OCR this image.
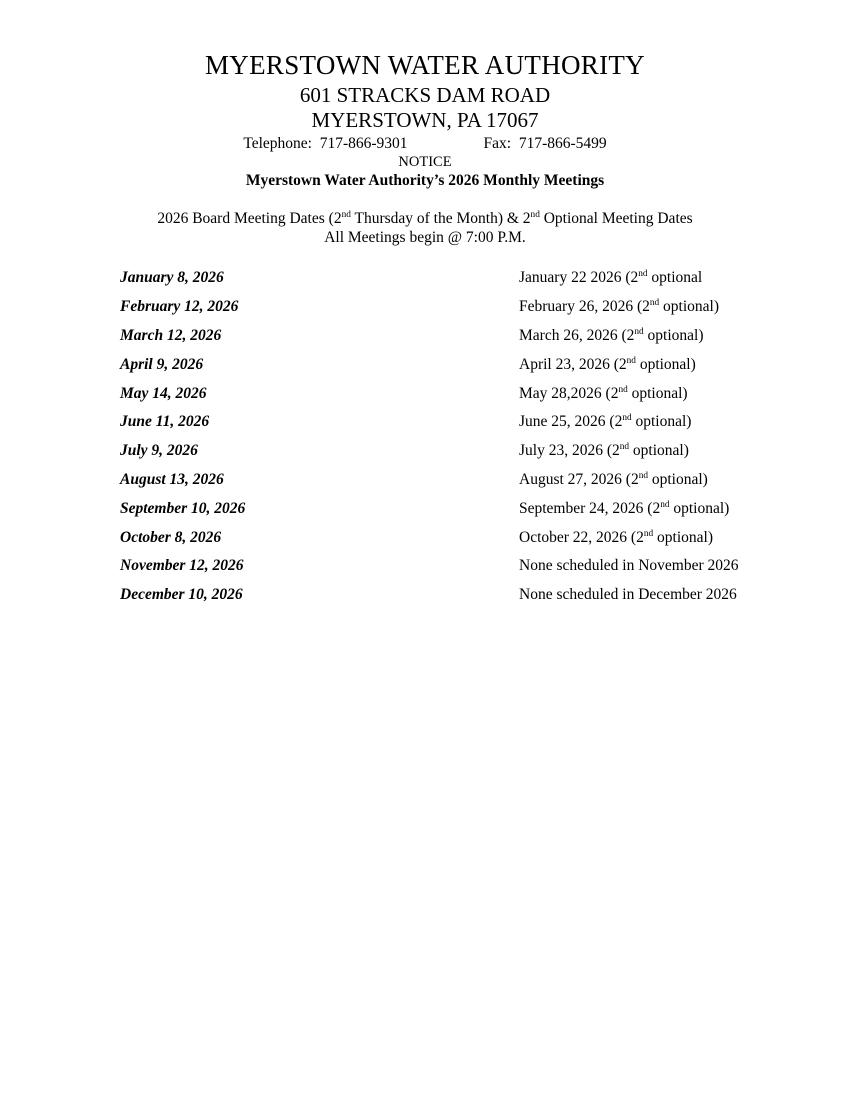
MYERSTOWN WATER AUTHORITY
601 STRACKS DAM ROAD
MYERSTOWN, PA 17067
Telephone:  717-866-9301	Fax:  717-866-5499
NOTICE
Myerstown Water Authority’s 2026 Monthly Meetings
2026 Board Meeting Dates (2nd Thursday of the Month) & 2nd Optional Meeting Dates
All Meetings begin @ 7:00 P.M.
January 8, 2026	January 22 2026 (2nd optional
February 12, 2026	February 26, 2026 (2nd optional)
March 12, 2026	March 26, 2026 (2nd optional)
April 9, 2026	April 23, 2026 (2nd optional)
May 14, 2026	May 28,2026 (2nd optional)
June 11, 2026	June 25, 2026 (2nd optional)
July 9, 2026	July 23, 2026 (2nd optional)
August 13, 2026	August 27, 2026 (2nd optional)
September 10, 2026	September 24, 2026 (2nd optional)
October 8, 2026	October 22, 2026 (2nd optional)
November 12, 2026	None scheduled in November 2026
December 10, 2026	None scheduled in December 2026
